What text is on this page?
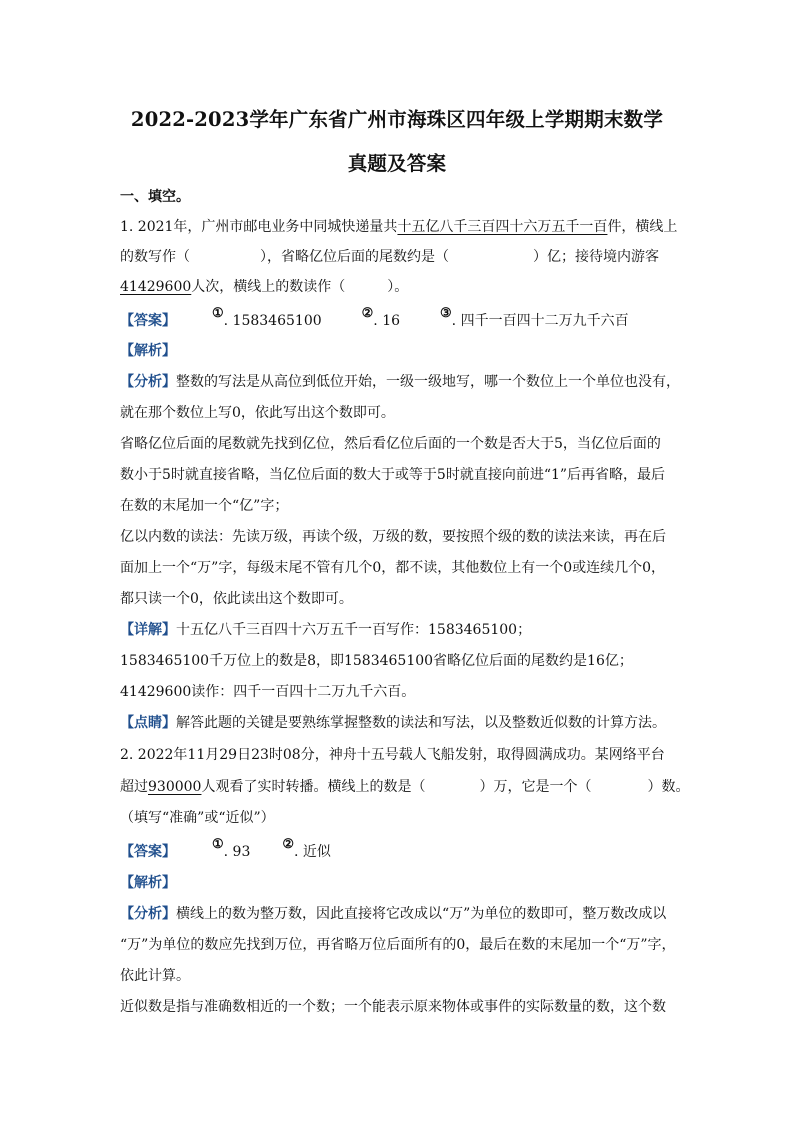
2022-2023学年广东省广州市海珠区四年级上学期期末数学
真题及答案
一、填空。
1. 2021年，广州市邮电业务中同城快递量共十五亿八千三百四十六万五千一百件，横线上
的数写作（	），省略亿位后面的尾数约是（	）亿；接待境内游客
41429600人次，横线上的数读作（	）。
【答案】	①. 1583465100	②. 16	③. 四千一百四十二万九千六百
【解析】
【分析】整数的写法是从高位到低位开始，一级一级地写，哪一个数位上一个单位也没有，
就在那个数位上写0，依此写出这个数即可。
省略亿位后面的尾数就先找到亿位，然后看亿位后面的一个数是否大于5，当亿位后面的
数小于5时就直接省略，当亿位后面的数大于或等于5时就直接向前进“1”后再省略，最后
在数的末尾加一个“亿”字；
亿以内数的读法：先读万级，再读个级，万级的数，要按照个级的数的读法来读，再在后
面加上一个“万”字，每级末尾不管有几个0，都不读，其他数位上有一个0或连续几个0，
都只读一个0，依此读出这个数即可。
【详解】十五亿八千三百四十六万五千一百写作：1583465100；
1583465100千万位上的数是8，即1583465100省略亿位后面的尾数约是16亿；
41429600读作：四千一百四十二万九千六百。
【点睛】解答此题的关键是要熟练掌握整数的读法和写法，以及整数近似数的计算方法。
2. 2022年11月29日23时08分，神舟十五号载人飞船发射，取得圆满成功。某网络平台
超过930000人观看了实时转播。横线上的数是（	）万，它是一个（	）数。
（填写“准确”或“近似”）
【答案】	①. 93 ②. 近似
【解析】
【分析】横线上的数为整万数，因此直接将它改成以“万”为单位的数即可，整万数改成以
“万”为单位的数应先找到万位，再省略万位后面所有的0，最后在数的末尾加一个“万”字，
依此计算。
近似数是指与准确数相近的一个数；一个能表示原来物体或事件的实际数量的数，这个数
